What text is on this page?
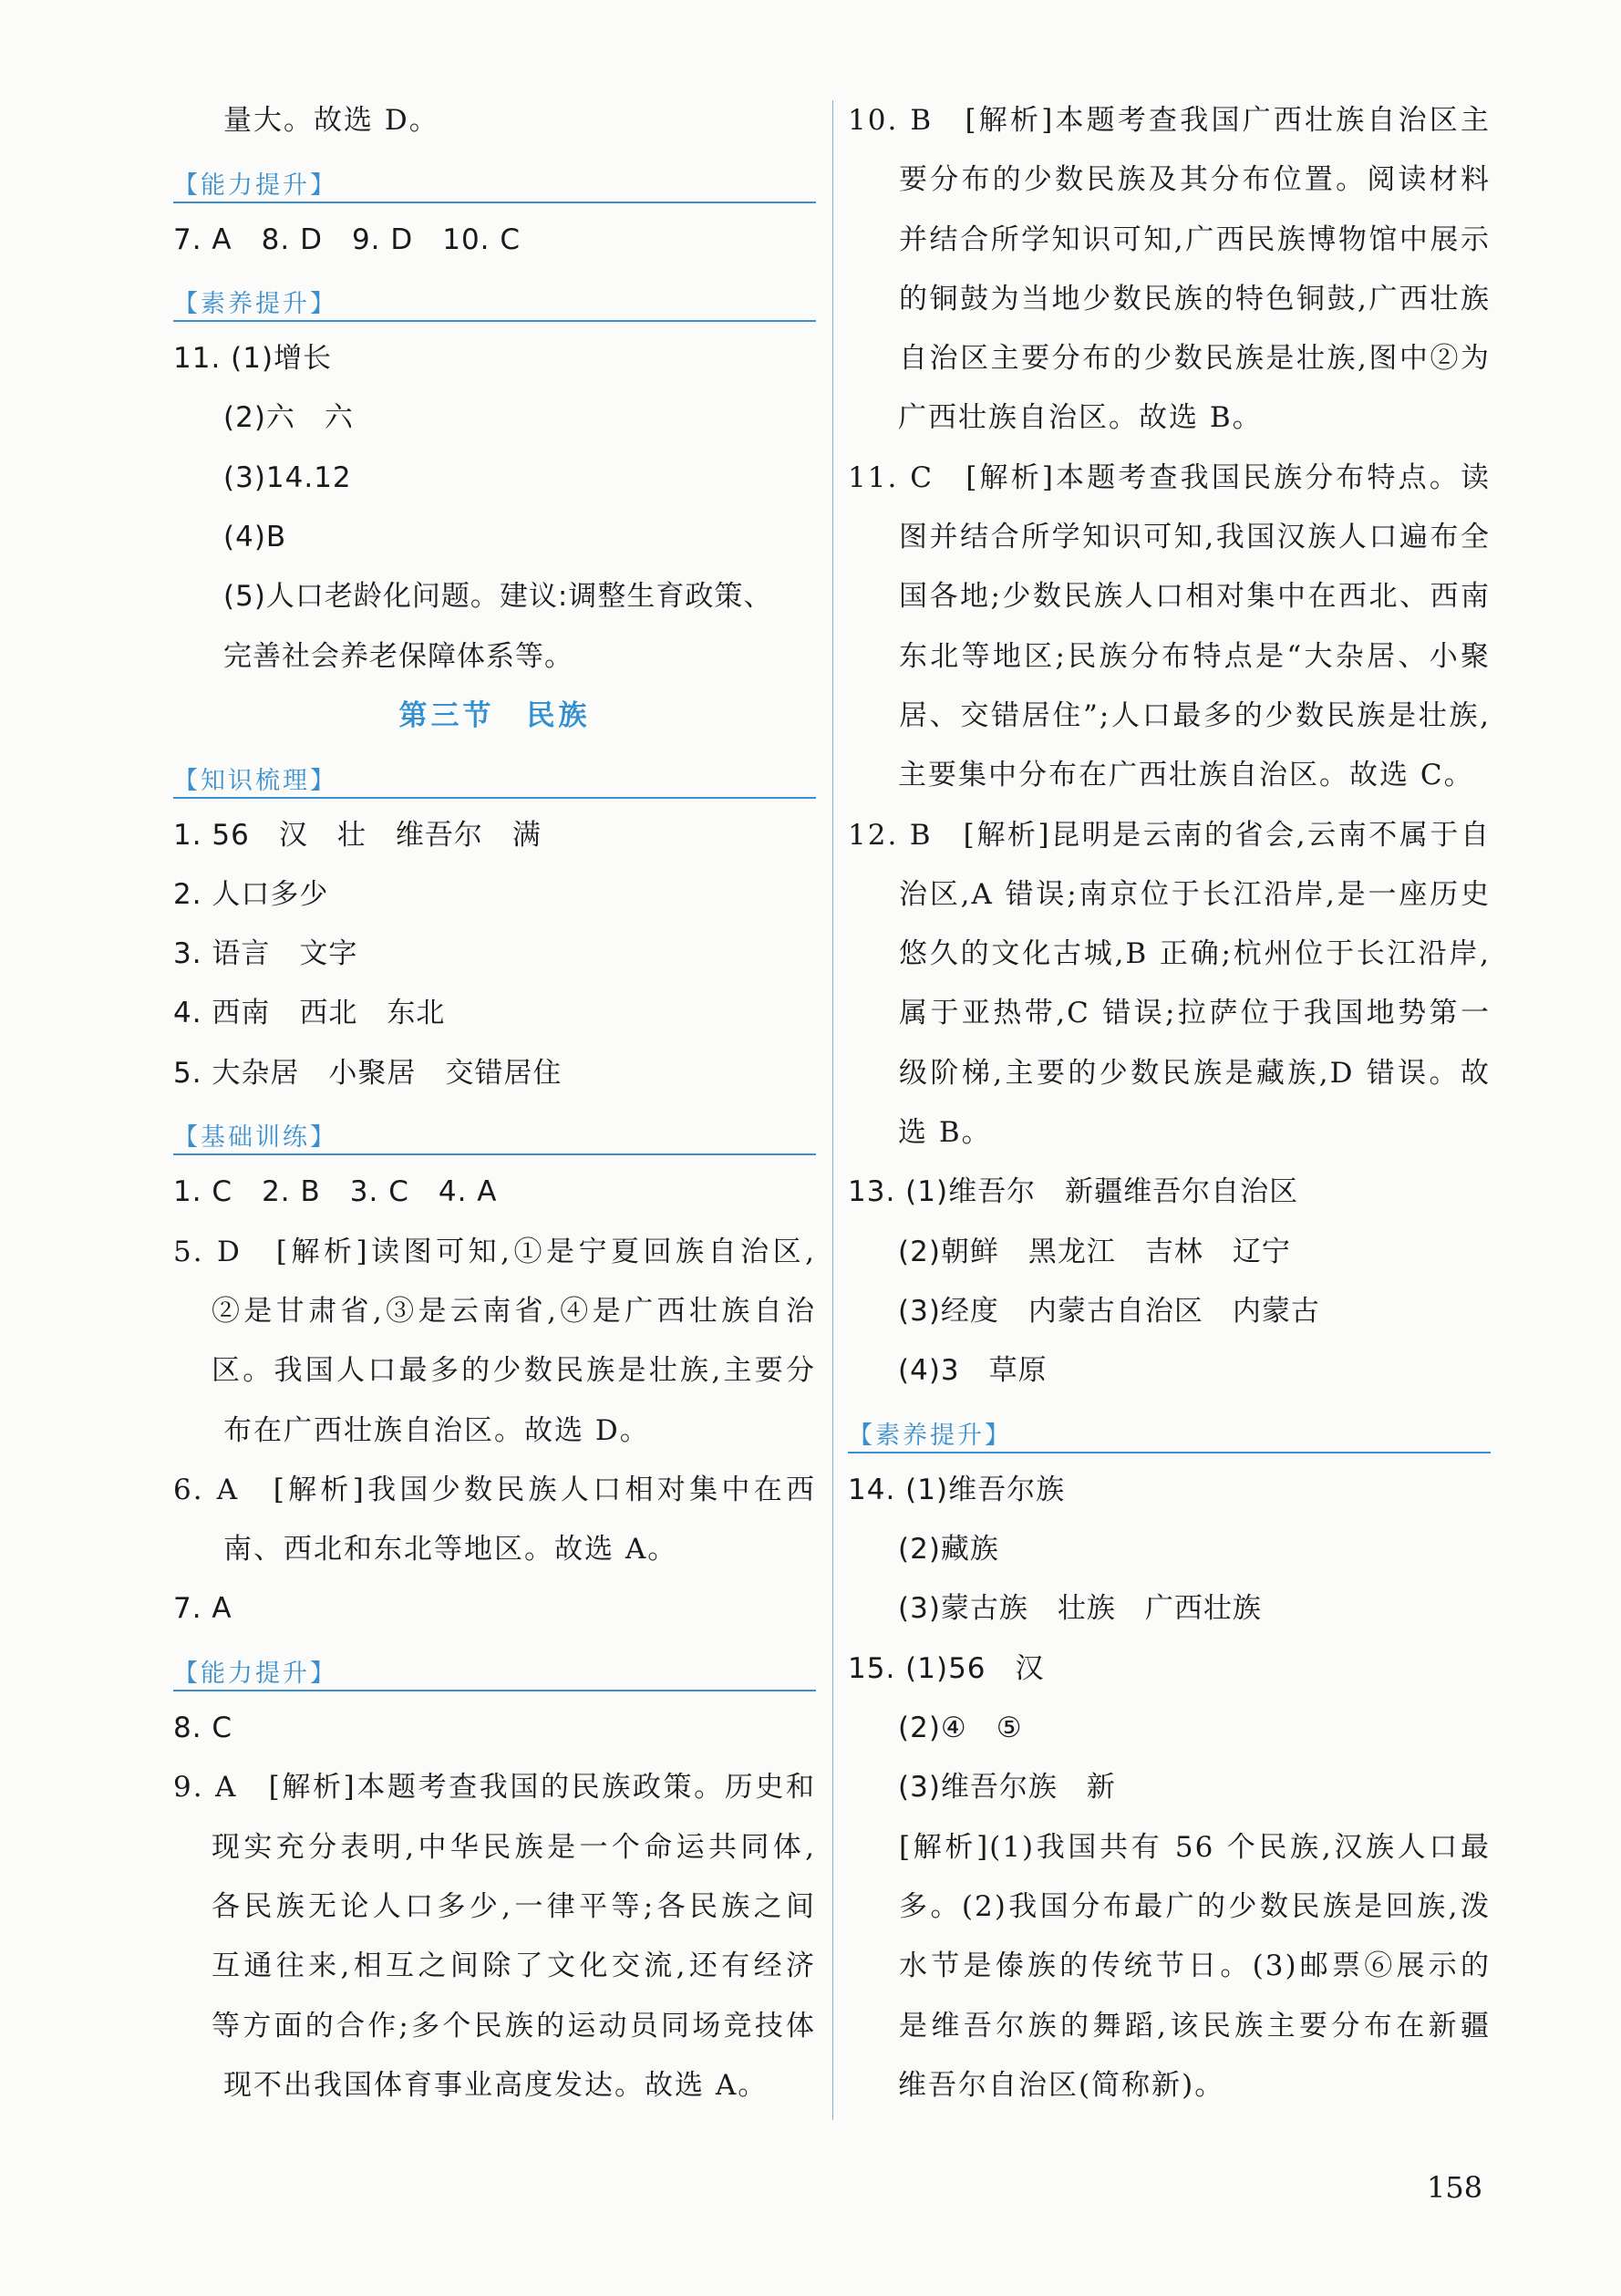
量大。故选 D。
【能力提升】
7. A　8. D　9. D　10. C
【素养提升】
11. (1)增长
(2)六　六
(3)14.12
(4)B
(5)人口老龄化问题。建议:调整生育政策、
完善社会养老保障体系等。
第三节　民族
【知识梳理】
1. 56　汉　壮　维吾尔　满
2. 人口多少
3. 语言　文字
4. 西南　西北　东北
5. 大杂居　小聚居　交错居住
【基础训练】
1. C　2. B　3. C　4. A
5. D　[解析]读图可知,①是宁夏回族自治区,
②是甘肃省,③是云南省,④是广西壮族自治
区。我国人口最多的少数民族是壮族,主要分
布在广西壮族自治区。故选 D。
6. A　[解析]我国少数民族人口相对集中在西
南、西北和东北等地区。故选 A。
7. A
【能力提升】
8. C
9. A　[解析]本题考查我国的民族政策。历史和
现实充分表明,中华民族是一个命运共同体,
各民族无论人口多少,一律平等;各民族之间
互通往来,相互之间除了文化交流,还有经济
等方面的合作;多个民族的运动员同场竞技体
现不出我国体育事业高度发达。故选 A。
10. B　[解析]本题考查我国广西壮族自治区主
要分布的少数民族及其分布位置。阅读材料
并结合所学知识可知,广西民族博物馆中展示
的铜鼓为当地少数民族的特色铜鼓,广西壮族
自治区主要分布的少数民族是壮族,图中②为
广西壮族自治区。故选 B。
11. C　[解析]本题考查我国民族分布特点。读
图并结合所学知识可知,我国汉族人口遍布全
国各地;少数民族人口相对集中在西北、西南
东北等地区;民族分布特点是“大杂居、小聚
居、交错居住”;人口最多的少数民族是壮族,
主要集中分布在广西壮族自治区。故选 C。
12. B　[解析]昆明是云南的省会,云南不属于自
治区,A 错误;南京位于长江沿岸,是一座历史
悠久的文化古城,B 正确;杭州位于长江沿岸,
属于亚热带,C 错误;拉萨位于我国地势第一
级阶梯,主要的少数民族是藏族,D 错误。故
选 B。
13. (1)维吾尔　新疆维吾尔自治区
(2)朝鲜　黑龙江　吉林　辽宁
(3)经度　内蒙古自治区　内蒙古
(4)3　草原
【素养提升】
14. (1)维吾尔族
(2)藏族
(3)蒙古族　壮族　广西壮族
15. (1)56　汉
(2)④　⑤
(3)维吾尔族　新
[解析](1)我国共有 56 个民族,汉族人口最
多。(2)我国分布最广的少数民族是回族,泼
水节是傣族的传统节日。(3)邮票⑥展示的
是维吾尔族的舞蹈,该民族主要分布在新疆
维吾尔自治区(简称新)。
158
